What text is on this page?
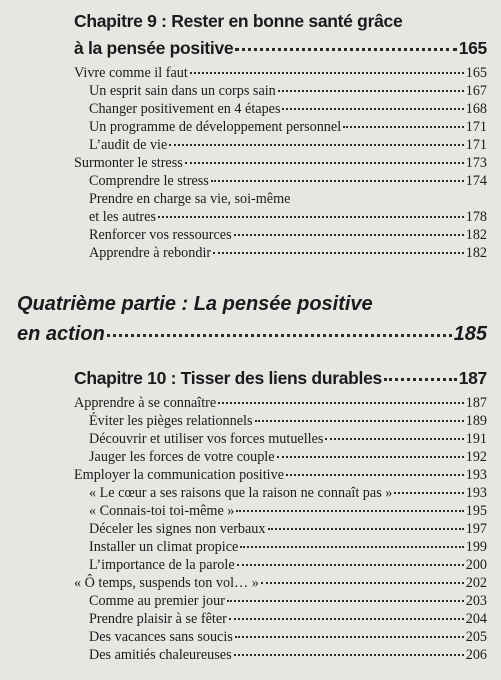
Chapitre 9 : Rester en bonne santé grâce
à la pensée positive	165
Vivre comme il faut	165
Un esprit sain dans un corps sain	167
Changer positivement en 4 étapes	168
Un programme de développement personnel	171
L’audit de vie	171
Surmonter le stress	173
Comprendre le stress	174
Prendre en charge sa vie, soi-même
et les autres	178
Renforcer vos ressources	182
Apprendre à rebondir	182
Quatrième partie : La pensée positive
en action	185
Chapitre 10 : Tisser des liens durables	187
Apprendre à se connaître	187
Éviter les pièges relationnels	189
Découvrir et utiliser vos forces mutuelles	191
Jauger les forces de votre couple	192
Employer la communication positive	193
« Le cœur a ses raisons que la raison ne connaît pas »	193
« Connais-toi toi-même »	195
Déceler les signes non verbaux	197
Installer un climat propice	199
L’importance de la parole	200
« Ô temps, suspends ton vol… »	202
Comme au premier jour	203
Prendre plaisir à se fêter	204
Des vacances sans soucis	205
Des amitiés chaleureuses	206
